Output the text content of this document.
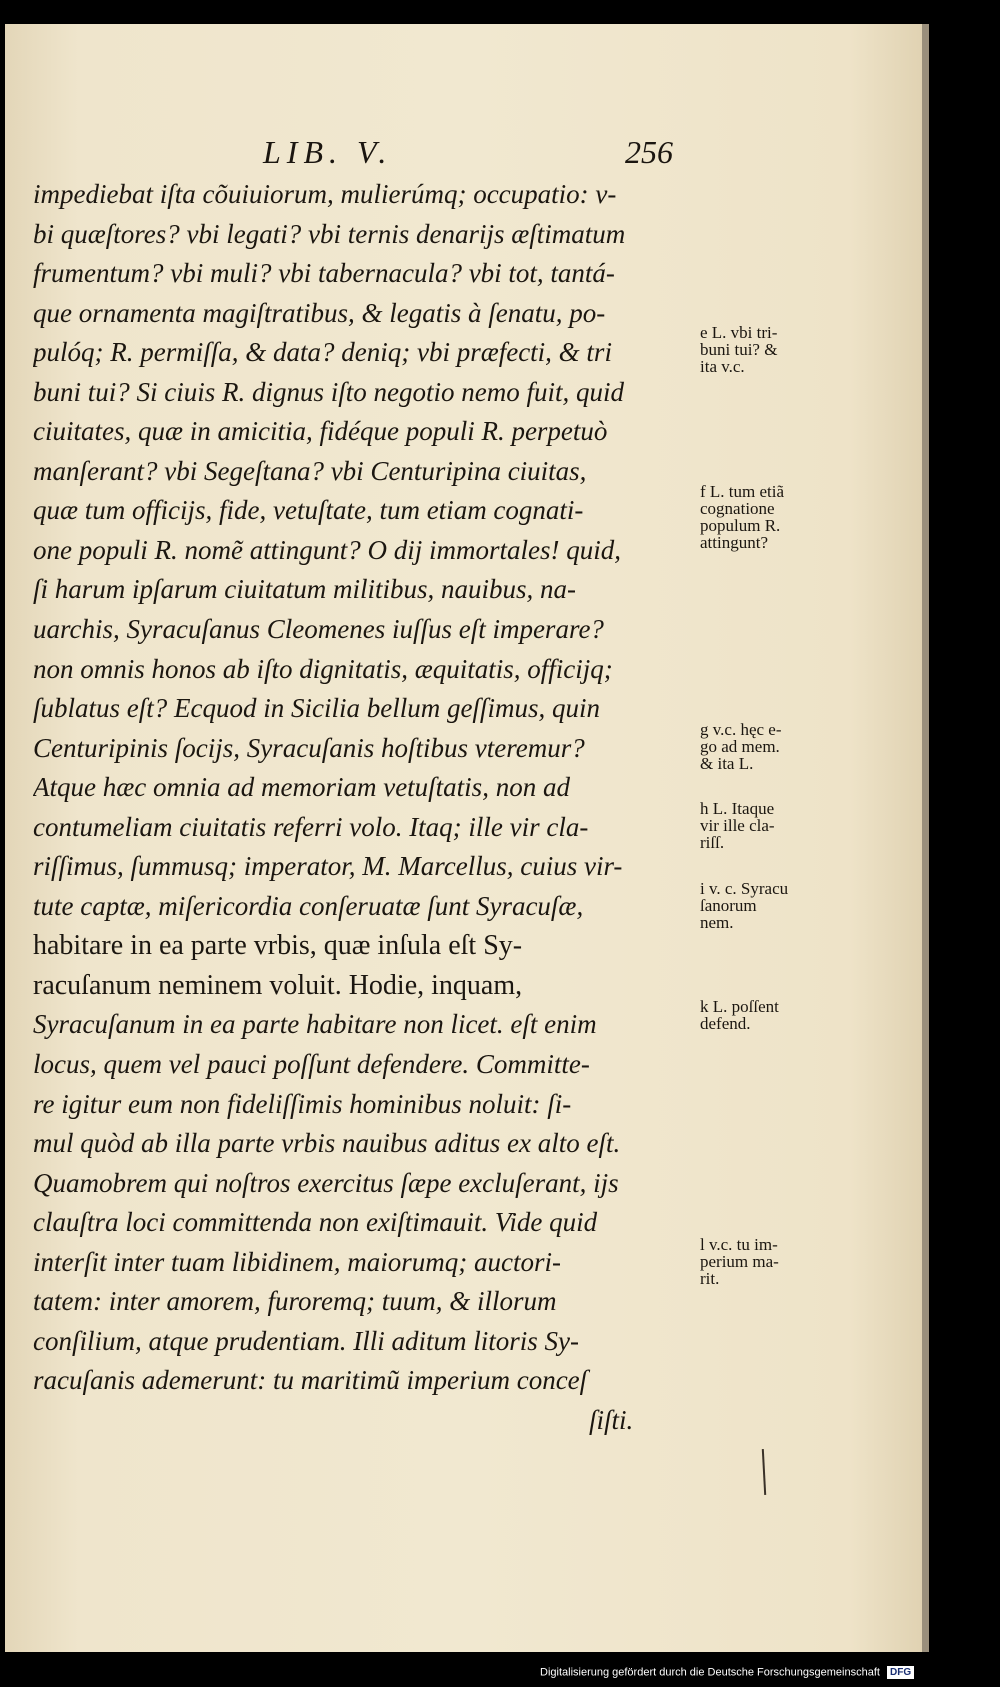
LIB. V.	256
impediebat iſta cõuiuiorum, mulierúmq; occupatio: v-
bi quæſtores? vbi legati? vbi ternis denarijs æſtimatum
frumentum? vbi muli? vbi tabernacula? vbi tot, tantá-
que ornamenta magiſtratibus, & legatis à ſenatu, po-
pulóq; R. permiſſa, & data? deniq; vbi præfecti, & tri
buni tui? Si ciuis R. dignus iſto negotio nemo fuit, quid
ciuitates, quæ in amicitia, fidéque populi R. perpetuò
manſerant? vbi Segeſtana? vbi Centuripina ciuitas,
quæ tum officijs, fide, vetuſtate, tum etiam cognati-
one populi R. nomẽ attingunt? O dij immortales! quid,
ſi harum ipſarum ciuitatum militibus, nauibus, na-
uarchis, Syracuſanus Cleomenes iuſſus eſt imperare?
non omnis honos ab iſto dignitatis, æquitatis, officijq;
ſublatus eſt? Ecquod in Sicilia bellum geſſimus, quin
Centuripinis ſocijs, Syracuſanis hoſtibus vteremur?
Atque hæc omnia ad memoriam vetuſtatis, non ad
contumeliam ciuitatis referri volo. Itaq; ille vir cla-
riſſimus, ſummusq; imperator, M. Marcellus, cuius vir-
tute captæ, miſericordia conſeruatæ ſunt Syracuſæ,
habitare in ea parte vrbis, quæ inſula eſt Sy-
racuſanum neminem voluit. Hodie, inquam,
Syracuſanum in ea parte habitare non licet. eſt enim
locus, quem vel pauci poſſunt defendere. Committe-
re igitur eum non fideliſſimis hominibus noluit: ſi-
mul quòd ab illa parte vrbis nauibus aditus ex alto eſt.
Quamobrem qui noſtros exercitus ſæpe excluſerant, ijs
clauſtra loci committenda non exiſtimauit. Vide quid
interſit inter tuam libidinem, maiorumq; auctori-
tatem: inter amorem, furoremq; tuum, & illorum
conſilium, atque prudentiam. Illi aditum litoris Sy-
racuſanis ademerunt: tu maritimũ imperium conceſ
ſiſti.
e L. vbi tri-
buni tui? &
ita v.c.
f L. tum etiã
cognatione
populum R.
attingunt?
g v.c. hęc e-
go ad mem.
& ita L.
h L. Itaque
vir ille cla-
riſſ.
i v. c. Syracu
ſanorum
nem.
k L. poſſent
defend.
l v.c. tu im-
perium ma-
rit.
Digitalisierung gefördert durch die Deutsche Forschungsgemeinschaft DFG
